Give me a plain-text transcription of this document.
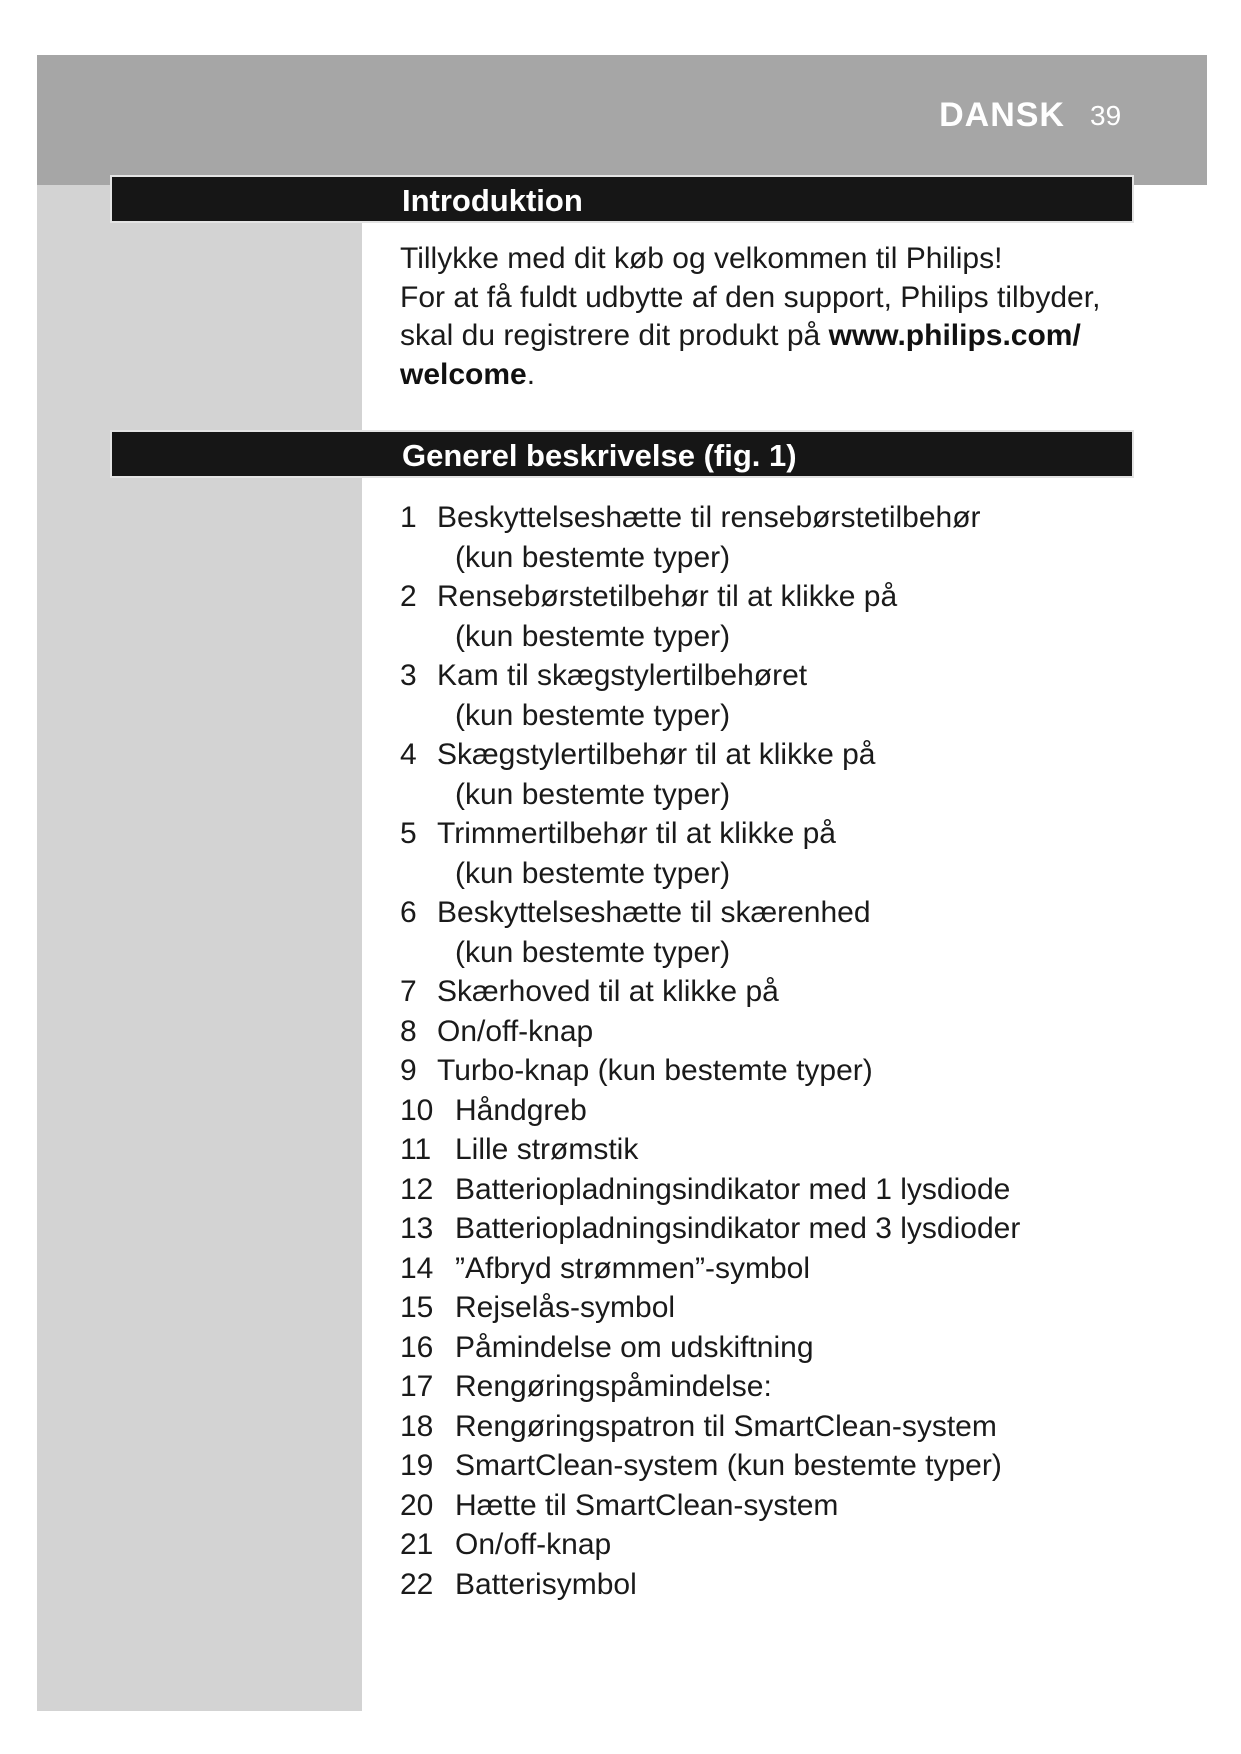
DANSK 39
Introduktion

Tillykke med dit køb og velkommen til Philips!

For at få fuldt udbytte af den support, Philips tilbyder,

skal du registrere dit produkt på www.philips.com/

welcome.

Generel beskrivelse (fig. 1)
1 Beskyttelseshætte til rensebørstetilbehør
(kun bestemte typer)
2 Rensebørstetilbehør til at klikke på
(kun bestemte typer)
3 Kam til skægstylertilbehøret
(kun bestemte typer)
4 Skægstylertilbehør til at klikke på
(kun bestemte typer)
5 Trimmertilbehør til at klikke på
(kun bestemte typer)
6 Beskyttelseshætte til skærenhed
(kun bestemte typer)
7 Skærhoved til at klikke på
8 On/off-knap
9 Turbo-knap (kun bestemte typer)
10 Håndgreb
11 Lille strømstik
12 Batteriopladningsindikator med 1 lysdiode
13 Batteriopladningsindikator med 3 lysdioder
14 ”Afbryd strømmen”-symbol
15 Rejselås-symbol
16 Påmindelse om udskiftning
17 Rengøringspåmindelse:
18 Rengøringspatron til SmartClean-system
19 SmartClean-system (kun bestemte typer)
20 Hætte til SmartClean-system
21 On/off-knap
22 Batterisymbol
